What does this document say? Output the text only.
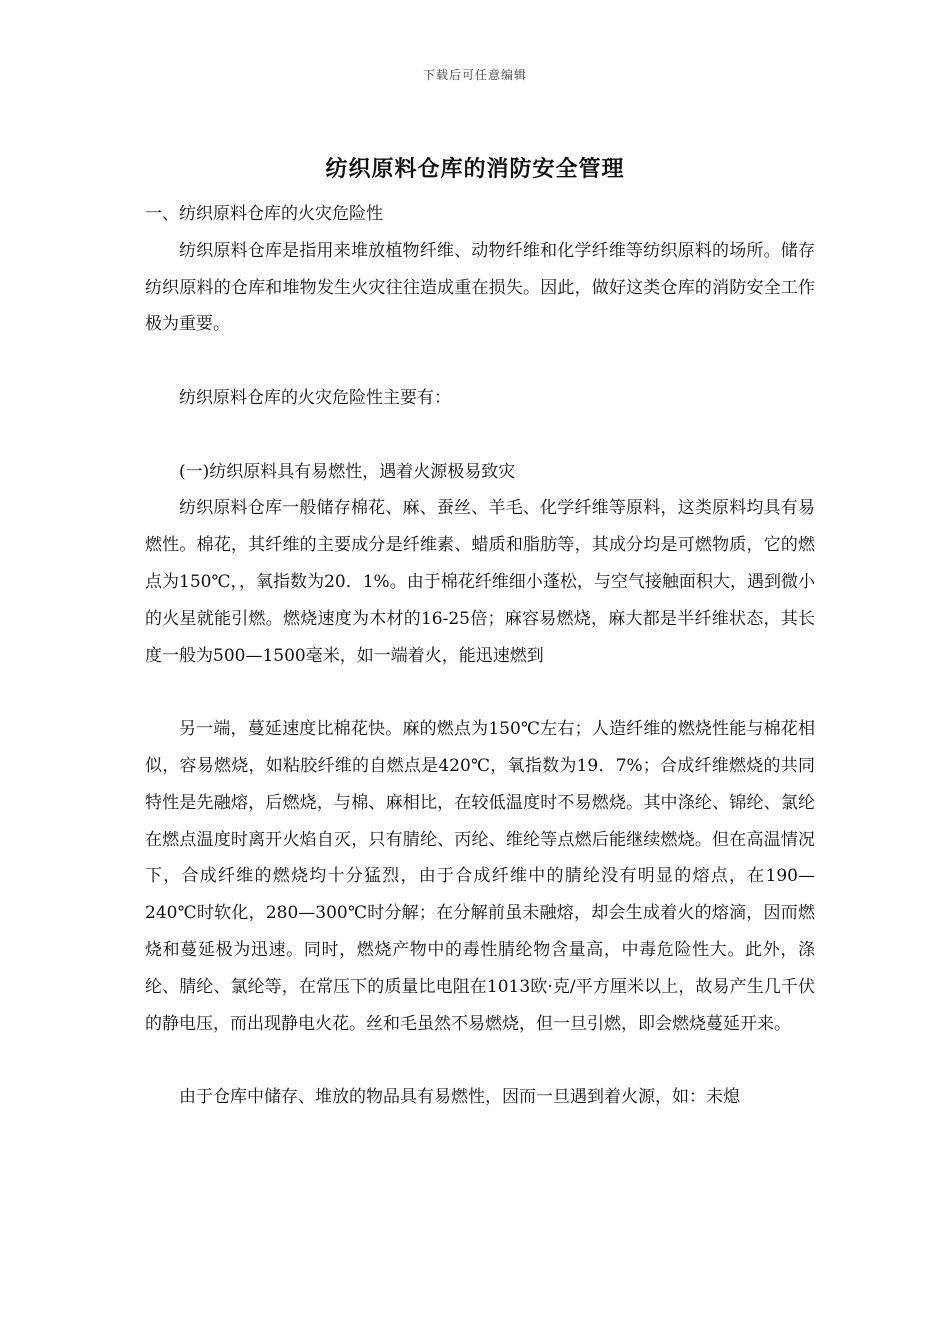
下载后可任意编辑
纺织原料仓库的消防安全管理

一、纺织原料仓库的火灾危险性

纺织原料仓库是指用来堆放植物纤维、动物纤维和化学纤维等纺织原料的场所。储存纺织原料的仓库和堆物发生火灾往往造成重在损失。因此，做好这类仓库的消防安全工作极为重要。

纺织原料仓库的火灾危险性主要有：

(一)纺织原料具有易燃性，遇着火源极易致灾

纺织原料仓库一般储存棉花、麻、蚕丝、羊毛、化学纤维等原料，这类原料均具有易燃性。棉花，其纤维的主要成分是纤维素、蜡质和脂肪等，其成分均是可燃物质，它的燃点为150℃，，氧指数为20．1%。由于棉花纤维细小蓬松，与空气接触面积大，遇到微小的火星就能引燃。燃烧速度为木材的16-25倍；麻容易燃烧，麻大都是半纤维状态，其长度一般为500—1500毫米，如一端着火，能迅速燃到

另一端，蔓延速度比棉花快。麻的燃点为150℃左右；人造纤维的燃烧性能与棉花相似，容易燃烧，如粘胶纤维的自燃点是420℃，氧指数为19．7%；合成纤维燃烧的共同特性是先融熔，后燃烧，与棉、麻相比，在较低温度时不易燃烧。其中涤纶、锦纶、氯纶在燃点温度时离开火焰自灭，只有腈纶、丙纶、维纶等点燃后能继续燃烧。但在高温情况下，合成纤维的燃烧均十分猛烈，由于合成纤维中的腈纶没有明显的熔点，在190—240℃时软化，280—300℃时分解；在分解前虽未融熔，却会生成着火的熔滴，因而燃烧和蔓延极为迅速。同时，燃烧产物中的毒性腈纶物含量高，中毒危险性大。此外，涤纶、腈纶、氯纶等，在常压下的质量比电阻在1013欧·克/平方厘米以上，故易产生几千伏的静电压，而出现静电火花。丝和毛虽然不易燃烧，但一旦引燃，即会燃烧蔓延开来。

由于仓库中储存、堆放的物品具有易燃性，因而一旦遇到着火源，如：未熄
